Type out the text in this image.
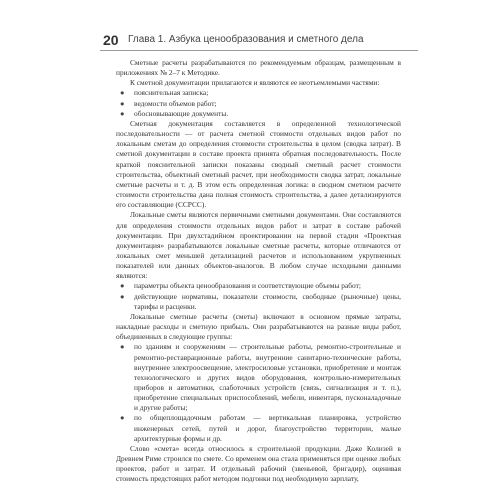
20 Глава 1. Азбука ценообразования и сметного дела

Сметные расчеты разрабатываются по рекомендуемым образцам, размещенным в приложениях № 2–7 к Методике.

К сметной документации прилагаются и являются ее неотъемлемыми частями:

● пояснительная записка;
● ведомости объемов работ;
● обосновывающие документы.

Сметная документация составляется в определенной технологической последовательности — от расчета сметной стоимости отдельных видов работ по локальным сметам до определения стоимости строительства в целом (сводка затрат). В сметной документации в составе проекта принята обратная последовательность. После краткой пояснительной записки показаны сводный сметный расчет стоимости строительства, объектный сметный расчет, при необходимости сводка затрат, локальные сметные расчеты и т. д. В этом есть определенная логика: в сводном сметном расчете стоимости строительства дана полная стоимость строительства, а далее детализируются его составляющие (ССРСС).

Локальные сметы являются первичными сметными документами. Они составляются для определения стоимости отдельных видов работ и затрат в составе рабочей документации. При двухстадийном проектировании на первой стадии «Проектная документация» разрабатываются локальные сметные расчеты, которые отличаются от локальных смет меньшей детализацией расчетов и использованием укрупненных показателей или данных объектов-аналогов. В любом случае исходными данными являются:

● параметры объекта ценообразования и соответствующие объемы работ;
● действующие нормативы, показатели стоимости, свободные (рыночные) цены, тарифы и расценки.

Локальные сметные расчеты (сметы) включают в основном прямые затраты, накладные расходы и сметную прибыль. Они разрабатываются на разные виды работ, объединенных в следующие группы:

● по зданиям и сооружениям — строительные работы, ремонтно-строительные и ремонтно-реставрационные работы, внутренние санитарно-технические работы, внутреннее электроосвещение, электросиловые установки, приобретение и монтаж технологического и других видов оборудования, контрольно-измерительных приборов и автоматики, слаботочных устройств (связь, сигнализация и т. п.), приобретение специальных приспособлений, мебели, инвентаря, пусконаладочные и другие работы;
● по общеплощадочным работам — вертикальная планировка, устройство инженерных сетей, путей и дорог, благоустройство территории, малые архитектурные формы и др.

Слово «смета» всегда относилось к строительной продукции. Даже Колизей в Древнем Риме строился по смете. Со временем она стала применяться при оценке любых проектов, работ и затрат. И отдельный рабочий (звеньевой, бригадир), оценивая стоимость предстоящих работ методом подгонки под необходимую зарплату,
